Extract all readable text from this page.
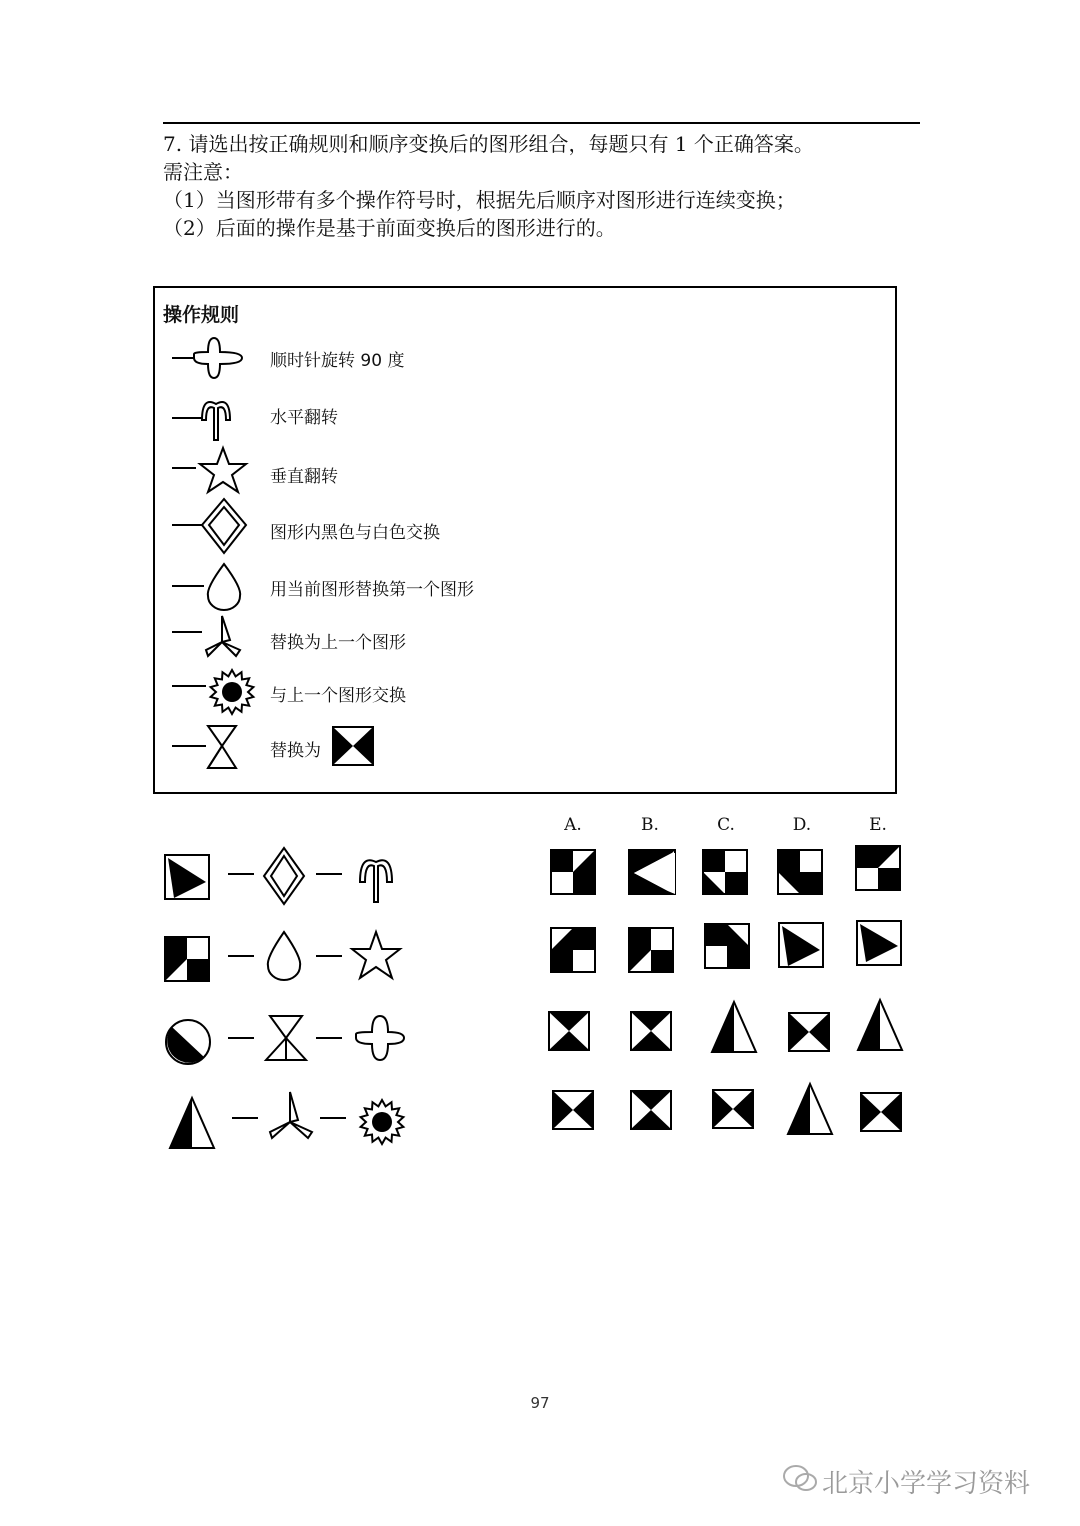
7. 请选出按正确规则和顺序变换后的图形组合，每题只有 1 个正确答案。
需注意：
（1）当图形带有多个操作符号时，根据先后顺序对图形进行连续变换；
（2）后面的操作是基于前面变换后的图形进行的。
操作规则
顺时针旋转 90 度
水平翻转
垂直翻转
图形内黑色与白色交换
用当前图形替换第一个图形
替换为上一个图形
与上一个图形交换
替换为
A.	B.	C.	D.	E.
97
北京小学学习资料
